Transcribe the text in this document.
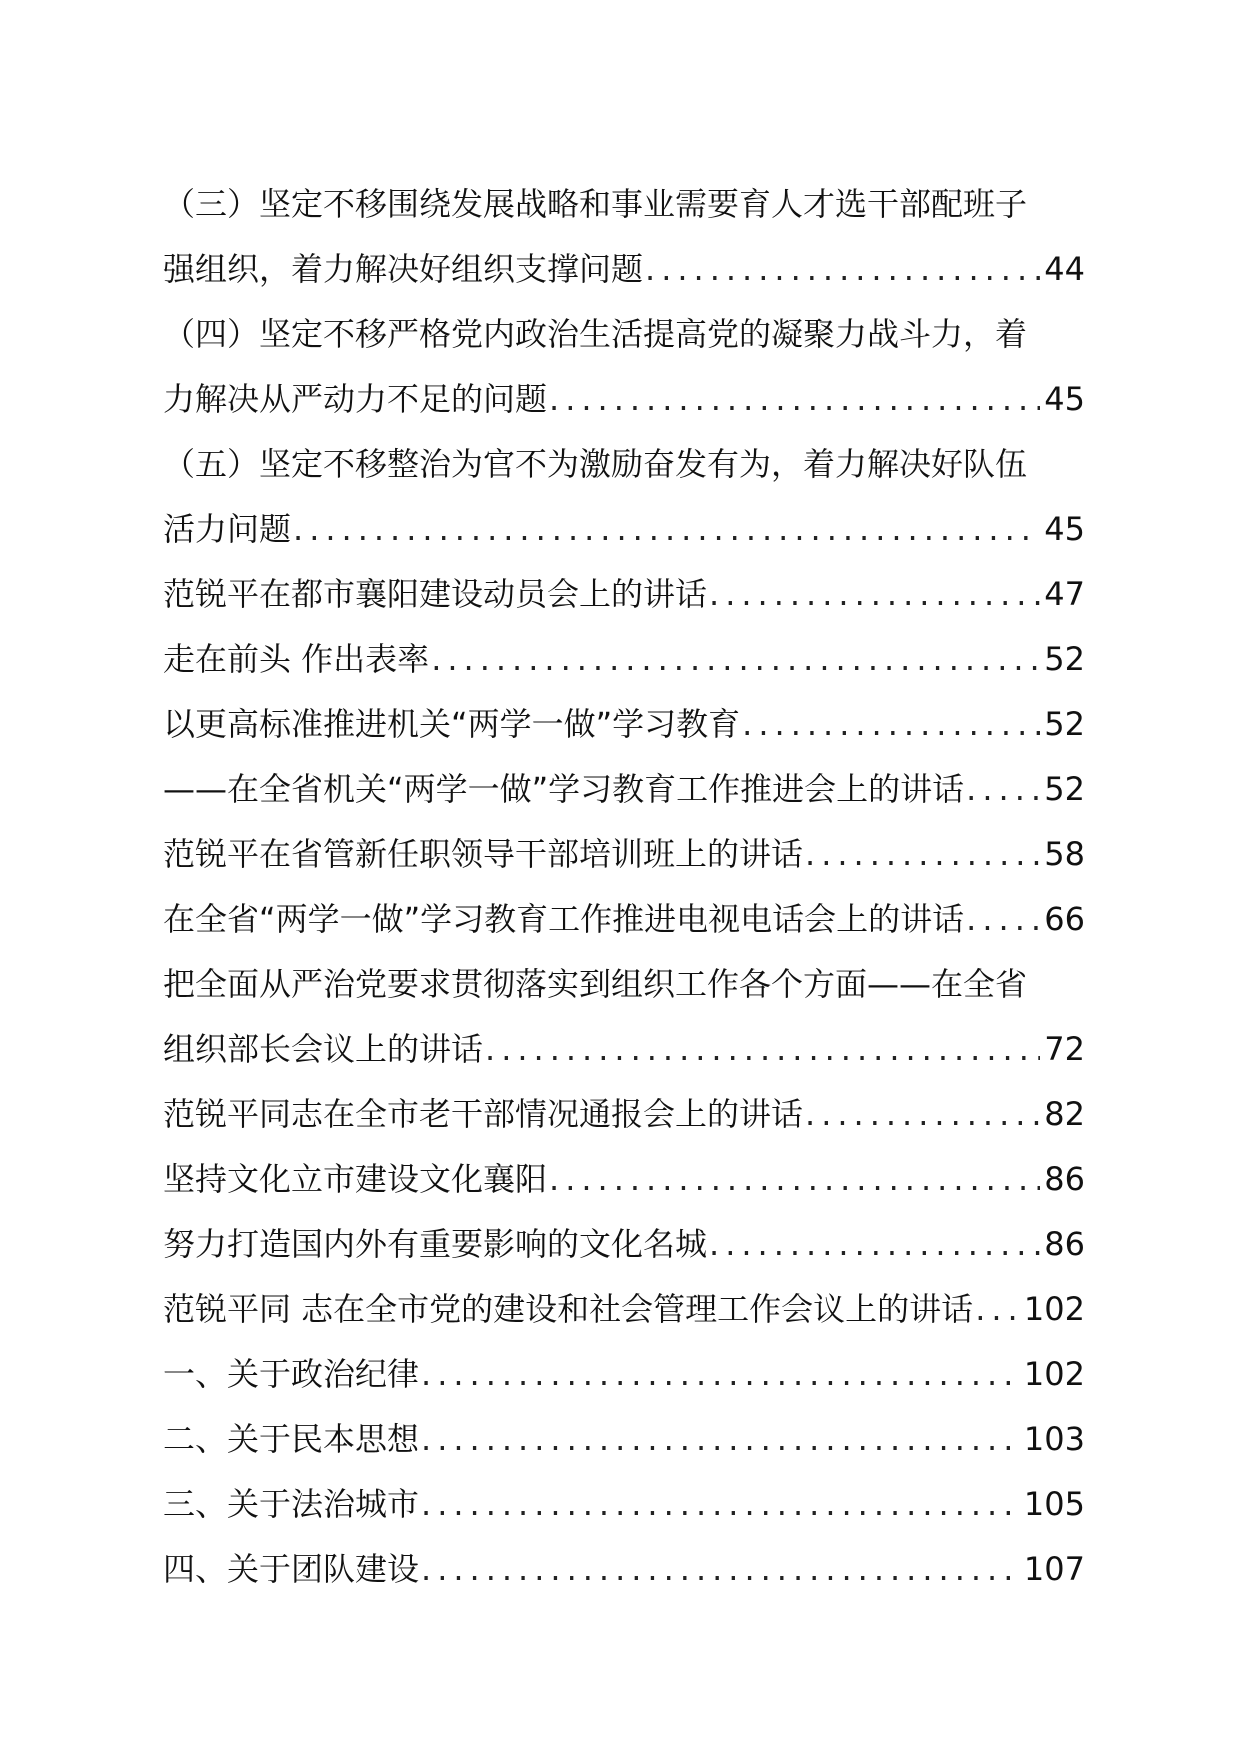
（三）坚定不移围绕发展战略和事业需要育人才选干部配班子
强组织，着力解决好组织支撑问题 .....	44
（四）坚定不移严格党内政治生活提高党的凝聚力战斗力，着
力解决从严动力不足的问题 .....	45
（五）坚定不移整治为官不为激励奋发有为，着力解决好队伍
活力问题 .....	45
范锐平在都市襄阳建设动员会上的讲话 .....	47
走在前头 作出表率 .....	52
以更高标准推进机关“两学一做”学习教育 .....	52
——在全省机关“两学一做”学习教育工作推进会上的讲话 .....	52
范锐平在省管新任职领导干部培训班上的讲话 .....	58
在全省“两学一做”学习教育工作推进电视电话会上的讲话 .....	66
把全面从严治党要求贯彻落实到组织工作各个方面——在全省
组织部长会议上的讲话 .....	72
范锐平同志在全市老干部情况通报会上的讲话 .....	82
坚持文化立市建设文化襄阳 .....	86
努力打造国内外有重要影响的文化名城 .....	86
范锐平同 志在全市党的建设和社会管理工作会议上的讲话 ..... 102
一、关于政治纪律 .....	102
二、关于民本思想 .....	103
三、关于法治城市 .....	105
四、关于团队建设 .....	107
